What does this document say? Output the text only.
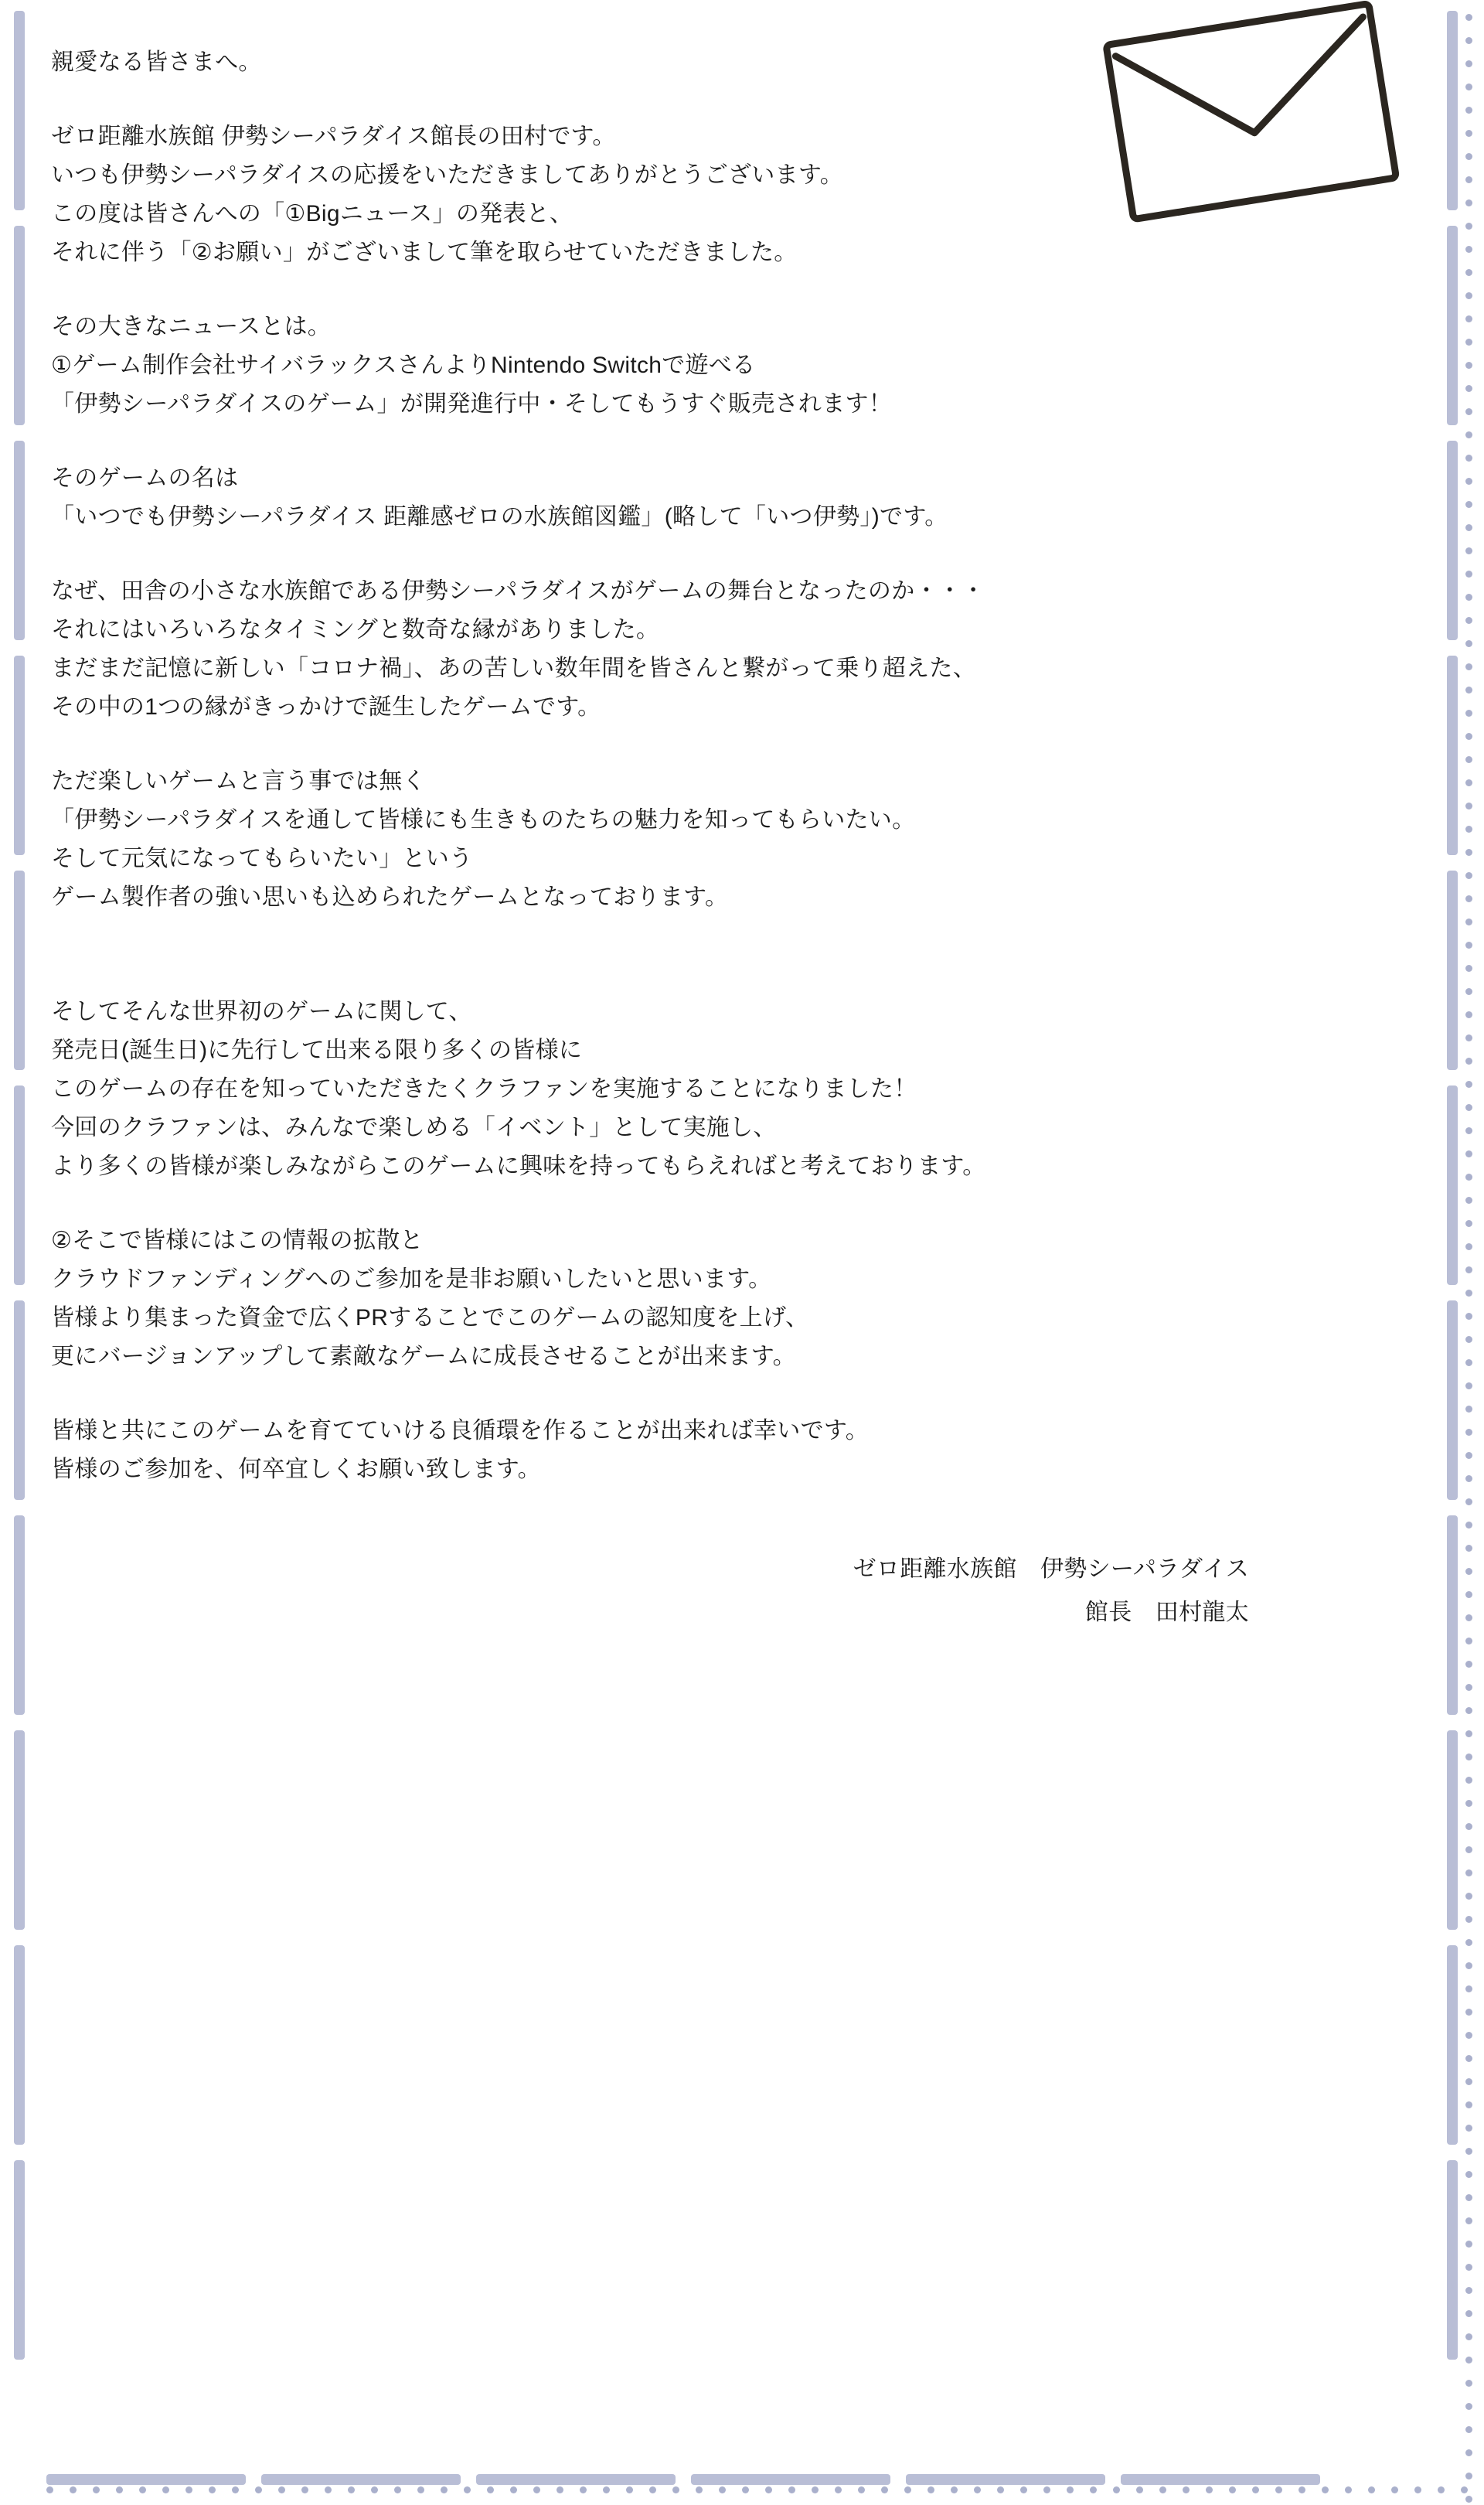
親愛なる皆さまへ。
ゼロ距離水族館 伊勢シーパラダイス館長の田村です。
いつも伊勢シーパラダイスの応援をいただきましてありがとうございます。
この度は皆さんへの「①Bigニュース」の発表と、
それに伴う「②お願い」がございまして筆を取らせていただきました。
その大きなニュースとは。
①ゲーム制作会社サイバラックスさんよりNintendo Switchで遊べる
「伊勢シーパラダイスのゲーム」が開発進行中・そしてもうすぐ販売されます！
そのゲームの名は
「いつでも伊勢シーパラダイス 距離感ゼロの水族館図鑑」(略して「いつ伊勢」)です。
なぜ、田舎の小さな水族館である伊勢シーパラダイスがゲームの舞台となったのか・・・
それにはいろいろなタイミングと数奇な縁がありました。
まだまだ記憶に新しい「コロナ禍」、あの苦しい数年間を皆さんと繋がって乗り超えた、
その中の1つの縁がきっかけで誕生したゲームです。
ただ楽しいゲームと言う事では無く
「伊勢シーパラダイスを通して皆様にも生きものたちの魅力を知ってもらいたい。
そして元気になってもらいたい」という
ゲーム製作者の強い思いも込められたゲームとなっております。
そしてそんな世界初のゲームに関して、
発売日(誕生日)に先行して出来る限り多くの皆様に
このゲームの存在を知っていただきたくクラファンを実施することになりました！
今回のクラファンは、みんなで楽しめる「イベント」として実施し、
より多くの皆様が楽しみながらこのゲームに興味を持ってもらえればと考えております。
②そこで皆様にはこの情報の拡散と
クラウドファンディングへのご参加を是非お願いしたいと思います。
皆様より集まった資金で広くPRすることでこのゲームの認知度を上げ、
更にバージョンアップして素敵なゲームに成長させることが出来ます。
皆様と共にこのゲームを育てていける良循環を作ることが出来れば幸いです。
皆様のご参加を、何卒宜しくお願い致します。
ゼロ距離水族館　伊勢シーパラダイス
館長　田村龍太
